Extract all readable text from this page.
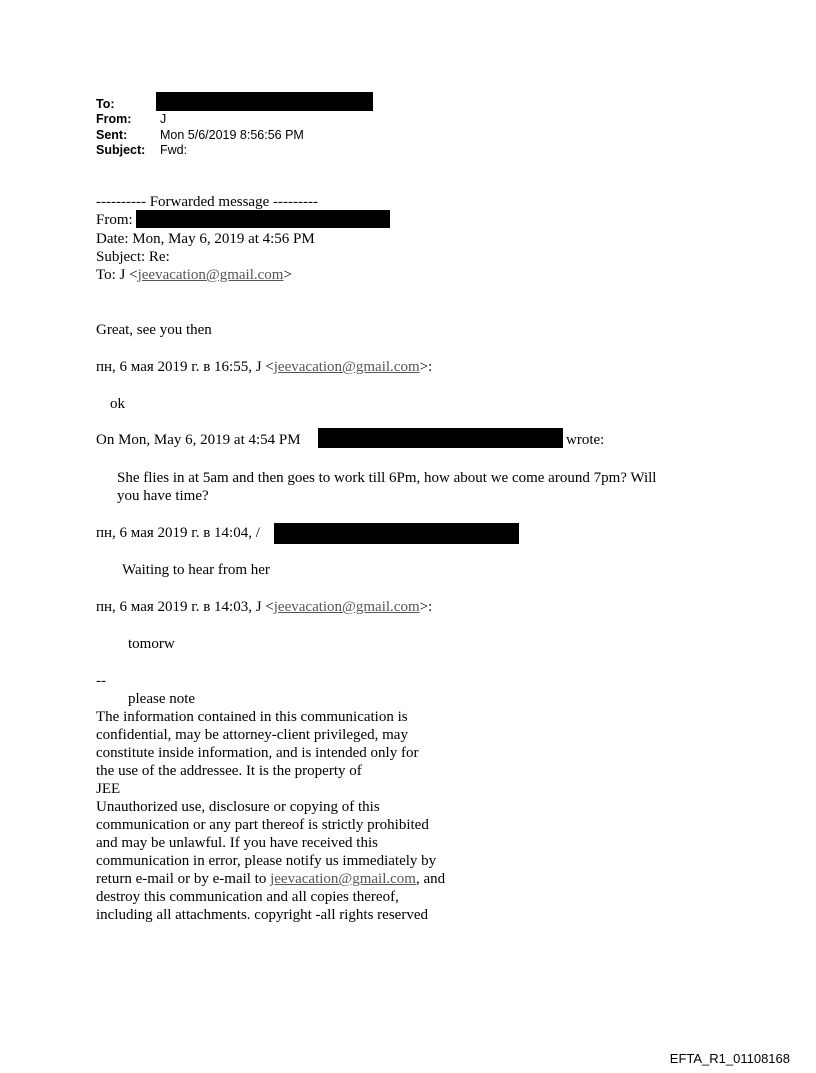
To:
From: J
Sent:	Mon 5/6/2019 8:56:56 PM
Subject: Fwd:
---------- Forwarded message ---------
From:
Date: Mon, May 6, 2019 at 4:56 PM
Subject: Re:
To: J <jeevacation@gmail.com>
Great, see you then
пн, 6 мая 2019 г. в 16:55, J <jeevacation@gmail.com>:
ok
On Mon, May 6, 2019 at 4:54 PM	wrote:
She flies in at 5am and then goes to work till 6Pm, how about we come around 7pm? Will
you have time?
пн, 6 мая 2019 г. в 14:04, /
Waiting to hear from her
пн, 6 мая 2019 г. в 14:03, J <jeevacation@gmail.com>:
tomorw
--
please note
The information contained in this communication is
confidential, may be attorney-client privileged, may
constitute inside information, and is intended only for
the use of the addressee. It is the property of
JEE
Unauthorized use, disclosure or copying of this
communication or any part thereof is strictly prohibited
and may be unlawful. If you have received this
communication in error, please notify us immediately by
return e-mail or by e-mail to jeevacation@gmail.com, and
destroy this communication and all copies thereof,
including all attachments. copyright -all rights reserved
EFTA_R1_01108168
